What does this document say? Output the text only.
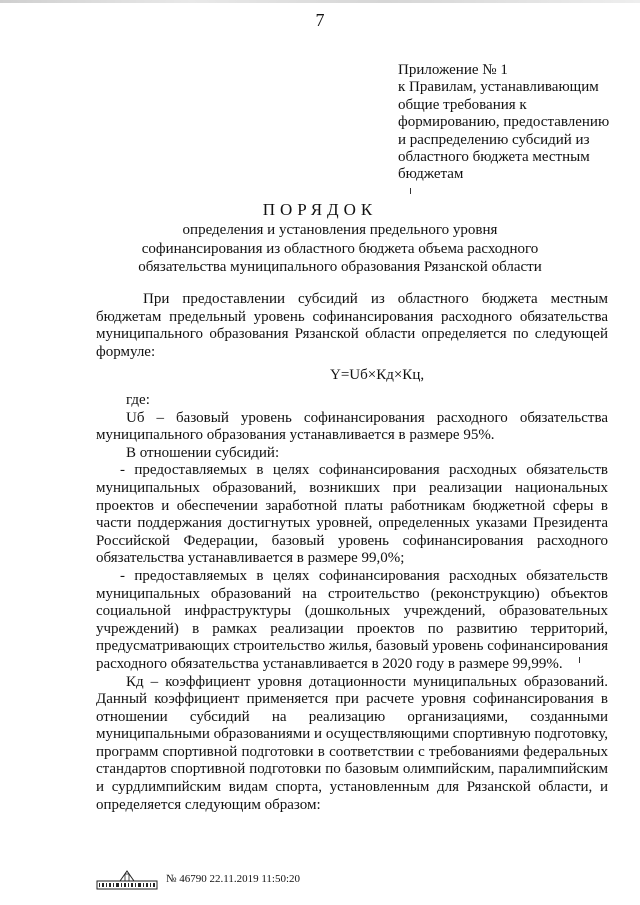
7
Приложение № 1
к Правилам, устанавливающим
общие требования к
формированию, предоставлению
и распределению субсидий из
областного бюджета местным
бюджетам
ПОРЯДОК
определения и установления предельного уровня
софинансирования из областного бюджета объема расходного
обязательства муниципального образования Рязанской области

При предоставлении субсидий из областного бюджета местным бюджетам предельный уровень софинансирования расходного обязательства муниципального образования Рязанской области определяется по следующей формуле:

Y=Uб×Кд×Кц,

где:

Uб – базовый уровень софинансирования расходного обязательства муниципального образования устанавливается в размере 95%.

В отношении субсидий:

- предоставляемых в целях софинансирования расходных обязательств муниципальных образований, возникших при реализации национальных проектов и обеспечении заработной платы работникам бюджетной сферы в части поддержания достигнутых уровней, определенных указами Президента Российской Федерации, базовый уровень софинансирования расходного обязательства устанавливается в размере 99,0%;

- предоставляемых в целях софинансирования расходных обязательств муниципальных образований на строительство (реконструкцию) объектов социальной инфраструктуры (дошкольных учреждений, образовательных учреждений) в рамках реализации проектов по развитию территорий, предусматривающих строительство жилья, базовый уровень софинансирования расходного обязательства устанавливается в 2020 году в размере 99,99%.

Кд – коэффициент уровня дотационности муниципальных образований. Данный коэффициент применяется при расчете уровня софинансирования в отношении субсидий на реализацию организациями, созданными муниципальными образованиями и осуществляющими спортивную подготовку, программ спортивной подготовки в соответствии с требованиями федеральных стандартов спортивной подготовки по базовым олимпийским, паралимпийским и сурдлимпийским видам спорта, установленным для Рязанской области, и определяется следующим образом:

№ 46790 22.11.2019 11:50:20
